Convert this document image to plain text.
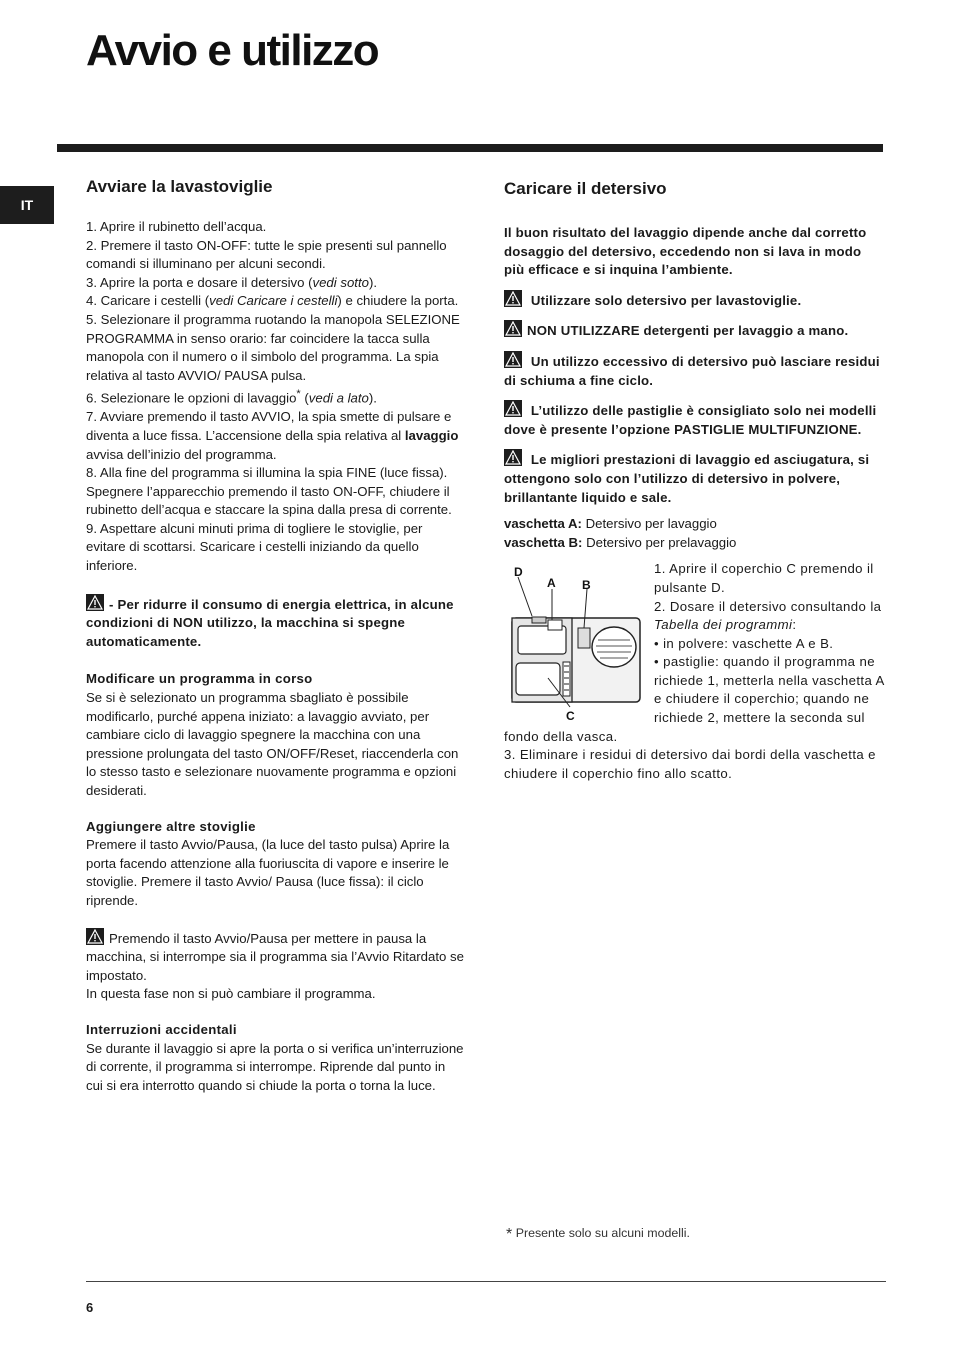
Avvio e utilizzo
IT
Avviare la lavastoviglie

1. Aprire il rubinetto dell’acqua.

2. Premere il tasto ON-OFF: tutte le spie presenti sul pannello comandi si illuminano per alcuni secondi.

3. Aprire la porta e dosare il detersivo (vedi sotto).

4. Caricare i cestelli (vedi Caricare i cestelli) e chiudere la porta.

5. Selezionare il programma ruotando la manopola SELEZIONE PROGRAMMA in senso orario: far coincidere la tacca sulla manopola con il numero o il simbolo del programma. La spia relativa al tasto AVVIO/ PAUSA pulsa.

6. Selezionare le opzioni di lavaggio* (vedi a lato).

7. Avviare premendo il tasto AVVIO, la spia smette di pulsare e diventa a luce fissa. L’accensione della spia relativa al lavaggio avvisa dell’inizio del programma.

8. Alla fine del programma si illumina la spia FINE (luce fissa). Spegnere l’apparecchio premendo il tasto ON-OFF, chiudere il rubinetto dell’acqua e staccare la spina dalla presa di corrente.

9. Aspettare alcuni minuti prima di togliere le stoviglie, per evitare di scottarsi. Scaricare i cestelli iniziando da quello inferiore.

- Per ridurre il consumo di energia elettrica, in alcune condizioni di NON utilizzo, la macchina si spegne automaticamente.

Modificare un programma in corso

Se si è selezionato un programma sbagliato è possibile modificarlo, purché appena iniziato: a lavaggio avviato, per cambiare ciclo di lavaggio spegnere la macchina con una pressione prolungata del tasto ON/OFF/Reset, riaccenderla con lo stesso tasto e selezionare nuovamente programma e opzioni desiderati.

Aggiungere altre stoviglie

Premere il tasto Avvio/Pausa, (la luce del tasto pulsa) Aprire la porta facendo attenzione alla fuoriuscita di vapore e inserire le stoviglie. Premere il tasto Avvio/ Pausa (luce fissa): il ciclo riprende.

Premendo il tasto Avvio/Pausa per mettere in pausa la macchina, si interrompe sia il programma sia l’Avvio Ritardato se impostato.

In questa fase non si può cambiare il programma.

Interruzioni accidentali

Se durante il lavaggio si apre la porta o si verifica un’interruzione di corrente, il programma si interrompe. Riprende dal punto in cui si era interrotto quando si chiude la porta o torna la luce.

Caricare il detersivo

Il buon risultato del lavaggio dipende anche dal corretto dosaggio del detersivo, eccedendo non si lava in modo più efficace e si inquina l’ambiente.

Utilizzare solo detersivo per lavastoviglie.

NON UTILIZZARE detergenti per lavaggio a mano.

Un utilizzo eccessivo di detersivo può lasciare residui di schiuma a fine ciclo.

L’utilizzo delle pastiglie è consigliato solo nei modelli dove è presente l’opzione PASTIGLIE MULTIFUNZIONE.

Le migliori prestazioni di lavaggio ed asciugatura, si ottengono solo con l’utilizzo di detersivo in polvere, brillantante liquido e sale.

vaschetta A: Detersivo per lavaggio

vaschetta B: Detersivo per prelavaggio

D
A B
C

1. Aprire il coperchio C premendo il pulsante D.

2. Dosare il detersivo consultando la Tabella dei programmi:

• in polvere: vaschette A e B.

• pastiglie: quando il programma ne richiede 1, metterla nella vaschetta A e chiudere il coperchio; quando ne richiede 2, mettere la seconda sul fondo della vasca.

3. Eliminare i residui di detersivo dai bordi della vaschetta e chiudere il coperchio fino allo scatto.

* Presente solo su alcuni modelli.
6
